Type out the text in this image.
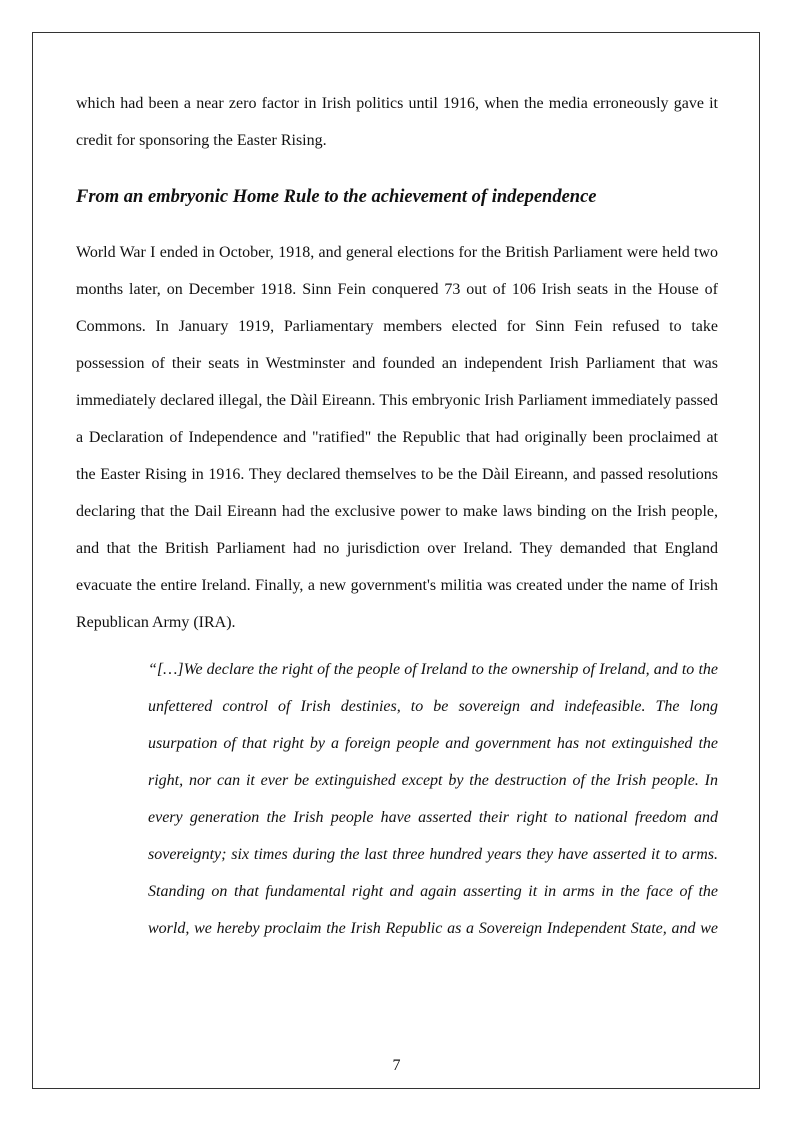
which had been a near zero factor in Irish politics until 1916, when the media erroneously gave it credit for sponsoring the Easter Rising.

From an embryonic Home Rule to the achievement of independence

World War I ended in October, 1918, and general elections for the British Parliament were held two months later, on December 1918. Sinn Fein conquered 73 out of 106 Irish seats in the House of Commons. In January 1919, Parliamentary members elected for Sinn Fein refused to take possession of their seats in Westminster and founded an independent Irish Parliament that was immediately declared illegal, the Dàil Eireann. This embryonic Irish Parliament immediately passed a Declaration of Independence and "ratified" the Republic that had originally been proclaimed at the Easter Rising in 1916. They declared themselves to be the Dàil Eireann, and passed resolutions declaring that the Dail Eireann had the exclusive power to make laws binding on the Irish people, and that the British Parliament had no jurisdiction over Ireland. They demanded that England evacuate the entire Ireland. Finally, a new government's militia was created under the name of Irish Republican Army (IRA).

“[…]We declare the right of the people of Ireland to the ownership of Ireland, and to the unfettered control of Irish destinies, to be sovereign and indefeasible. The long usurpation of that right by a foreign people and government has not extinguished the right, nor can it ever be extinguished except by the destruction of the Irish people. In every generation the Irish people have asserted their right to national freedom and sovereignty; six times during the last three hundred years they have asserted it to arms. Standing on that fundamental right and again asserting it in arms in the face of the world, we hereby proclaim the Irish Republic as a Sovereign Independent State, and we

7
